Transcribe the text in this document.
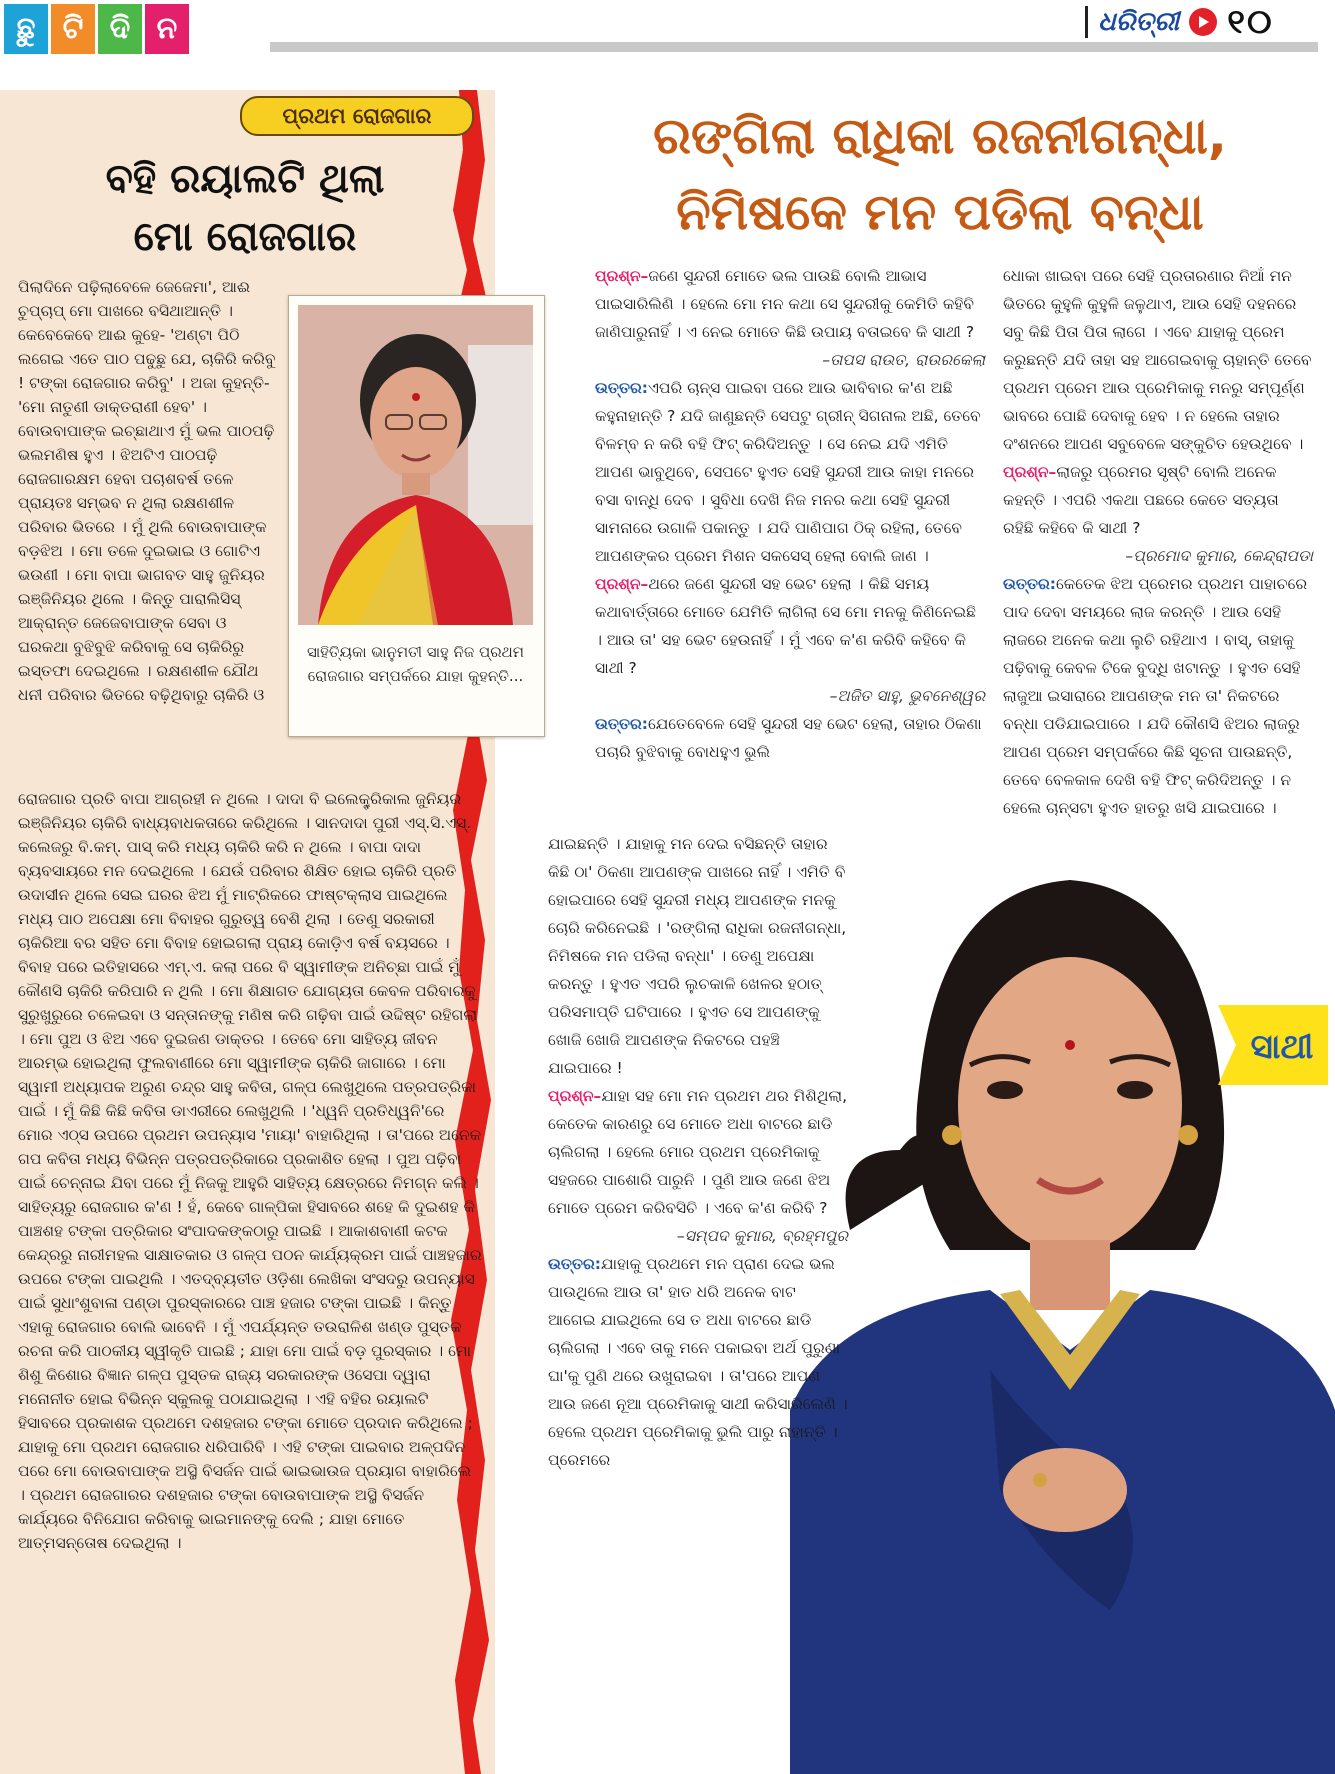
ଛୁ ଟି ଦି ନ	ଧରିତ୍ରୀ ୧୦
ପ୍ରଥମ ରୋଜଗାର
ବହି ରୟାଲଟି ଥିଲା
ମୋ ରୋଜଗାର
ପିଲାଦିନେ ପଢ଼ିଲାବେଳେ ଜେଜେମା', ଆଈ ଚୁପ୍‌ଚାପ୍ ମୋ ପାଖରେ ବସିଥାଆନ୍ତି । କେବେକେବେ ଆଈ କୁହେ- 'ଅଣ୍ଟା ପିଠି ଲଗେଇ ଏତେ ପାଠ ପଢୁଛୁ ଯେ, ଚାକିରି କରିବୁ ! ଟଙ୍କା ରୋଜଗାର କରିବୁ' । ଅଜା କୁହନ୍ତି- 'ମୋ ନାତୁଣୀ ଡାକ୍ତରାଣୀ ହେବ' । ବୋଉବାପାଙ୍କ ଇଚ୍ଛାଥାଏ ମୁଁ ଭଲ ପାଠପଢ଼ି ଭଲମଣିଷ ହୁଏ । ଝିଅଟିଏ ପାଠପଢ଼ି ରୋଜଗାରକ୍ଷମ ହେବା ପଚାଶବର୍ଷ ତଳେ ପ୍ରାୟତଃ ସମ୍ଭବ ନ ଥିଲା ରକ୍ଷଣଶୀଳ ପରିବାର ଭିତରେ । ମୁଁ ଥିଲି ବୋଉବାପାଙ୍କ ବଡ଼ଝିଅ । ମୋ ତଳେ ଦୁଇଭାଇ ଓ ଗୋଟିଏ ଭଉଣୀ । ମୋ ବାପା ଭାଗବତ ସାହୁ ଜୁନିୟର ଇଞ୍ଜିନିୟର ଥିଲେ । କିନ୍ତୁ ପାରାଲିସିସ୍ ଆକ୍ରାନ୍ତ ଜେଜେବାପାଙ୍କ ସେବା ଓ ଘରକଥା ବୁଝିବୁଝି କରିବାକୁ ସେ ଚାକିରିରୁ ଇସ୍ତଫା ଦେଇଥିଲେ । ରକ୍ଷଣଶୀଳ ଯୌଥ ଧନୀ ପରିବାର ଭିତରେ ବଢ଼ିଥିବାରୁ ଚାକିରି ଓ
ସାହିତ୍ୟିକା ଭାନୁମତୀ ସାହୁ ନିଜ ପ୍ରଥମ ରୋଜଗାର ସମ୍ପର୍କରେ ଯାହା କୁହନ୍ତି...
ରୋଜଗାର ପ୍ରତି ବାପା ଆଗ୍ରହୀ ନ ଥିଲେ । ଦାଦା ବି ଇଲେକ୍ଟ୍ରିକାଲ ଜୁନିୟର ଇଞ୍ଜିନିୟର ଚାକିରି ବାଧ୍ୟବାଧକତାରେ କରିଥିଲେ । ସାନଦାଦା ପୁରୀ ଏସ୍.ସି.ଏସ୍. କଲେଜରୁ ବି.କମ୍. ପାସ୍ କରି ମଧ୍ୟ ଚାକିରି କରି ନ ଥିଲେ । ବାପା ଦାଦା ବ୍ୟବସାୟରେ ମନ ଦେଇଥିଲେ । ଯେଉଁ ପରିବାର ଶିକ୍ଷିତ ହୋଇ ଚାକିରି ପ୍ରତି ଉଦାସୀନ ଥିଲେ ସେଇ ଘରର ଝିଅ ମୁଁ ମାଟ୍ରିକରେ ଫାଷ୍ଟକ୍ଲାସ ପାଇଥିଲେ ମଧ୍ୟ ପାଠ ଅପେକ୍ଷା ମୋ ବିବାହର ଗୁରୁତ୍ୱ ବେଶି ଥିଲା । ତେଣୁ ସରକାରୀ ଚାକିରିଆ ବର ସହିତ ମୋ ବିବାହ ହୋଇଗଲା ପ୍ରାୟ କୋଡ଼ିଏ ବର୍ଷ ବୟସରେ । ବିବାହ ପରେ ଇତିହାସରେ ଏମ୍.ଏ. କଲା ପରେ ବି ସ୍ୱାମୀଙ୍କ ଅନିଚ୍ଛା ପାଇଁ ମୁଁ କୌଣସି ଚାକିରି କରିପାରି ନ ଥିଲି । ମୋ ଶିକ୍ଷାଗତ ଯୋଗ୍ୟତା କେବଳ ପରିବାରକୁ ସୁରୁଖୁରୁରେ ଚଳେଇବା ଓ ସନ୍ତାନଙ୍କୁ ମଣିଷ କରି ଗଢ଼ିବା ପାଇଁ ଉଦ୍ଦିଷ୍ଟ ରହିଗଲା । ମୋ ପୁଅ ଓ ଝିଅ ଏବେ ଦୁଇଜଣ ଡାକ୍ତର । ତେବେ ମୋ ସାହିତ୍ୟ ଜୀବନ ଆରମ୍ଭ ହୋଇଥିଲା ଫୁଲବାଣୀରେ ମୋ ସ୍ୱାମୀଙ୍କ ଚାକିରି ଜାଗାରେ । ମୋ ସ୍ୱାମୀ ଅଧ୍ୟାପକ ଅରୁଣ ଚନ୍ଦ୍ର ସାହୁ କବିତା, ଗଳ୍ପ ଲେଖୁଥିଲେ ପତ୍ରପତ୍ରିକା ପାଇଁ । ମୁଁ କିଛି କିଛି କବିତା ଡାଏରୀରେ ଲେଖୁଥିଲି । 'ଧ୍ୱନି ପ୍ରତିଧ୍ୱନି'ରେ ମୋର ଏଠ୍ସ ଉପରେ ପ୍ରଥମ ଉପନ୍ୟାସ 'ମାୟା' ବାହାରିଥିଲା । ତା'ପରେ ଅନେକ ଗପ କବିତା ମଧ୍ୟ ବିଭିନ୍ନ ପତ୍ରପତ୍ରିକାରେ ପ୍ରକାଶିତ ହେଲା । ପୁଅ ପଢ଼ିବା ପାଇଁ ଚେନ୍ନାଇ ଯିବା ପରେ ମୁଁ ନିଜକୁ ଆହୁରି ସାହିତ୍ୟ କ୍ଷେତ୍ରରେ ନିମଗ୍ନ କଲି । ସାହିତ୍ୟରୁ ରୋଜଗାର କ'ଣ ! ହଁ, କେବେ ଗାଳ୍ପିକା ହିସାବରେ ଶହେ କି ଦୁଇଶହ କି ପାଞ୍ଚଶହ ଟଙ୍କା ପତ୍ରିକାର ସଂପାଦକଙ୍କଠାରୁ ପାଇଛି । ଆକାଶବାଣୀ କଟକ କେନ୍ଦ୍ରରୁ ନାରୀମହଲ ସାକ୍ଷାତକାର ଓ ଗଳ୍ପ ପଠନ କାର୍ଯ୍ୟକ୍ରମ ପାଇଁ ପାଞ୍ଚହଜାର ଉପରେ ଟଙ୍କା ପାଇଥିଲି । ଏତଦ୍‌ବ୍ୟତୀତ ଓଡ଼ିଶା ଲେଖିକା ସଂସଦରୁ ଉପନ୍ୟାସ ପାଇଁ ସୁଧାଂଶୁବାଳା ପଣ୍ଡା ପୁରସ୍କାରରେ ପାଞ୍ଚ ହଜାର ଟଙ୍କା ପାଇଛି । କିନ୍ତୁ ଏହାକୁ ରୋଜଗାର ବୋଲି ଭାବେନି । ମୁଁ ଏପର୍ଯ୍ୟନ୍ତ ତଉରାଳିଶ ଖଣ୍ଡ ପୁସ୍ତକ ରଚନା କରି ପାଠକୀୟ ସ୍ୱୀକୃତି ପାଇଛି ; ଯାହା ମୋ ପାଇଁ ବଡ଼ ପୁରସ୍କାର । ମୋ ଶିଶୁ କିଶୋର ବିଜ୍ଞାନ ଗଳ୍ପ ପୁସ୍ତକ ରାଜ୍ୟ ସରକାରଙ୍କ ଓସେପା ଦ୍ୱାରା ମନୋନୀତ ହୋଇ ବିଭିନ୍ନ ସ୍କୁଲକୁ ପଠାଯାଇଥିଲା । ଏହି ବହିର ରୟାଲଟି ହିସାବରେ ପ୍ରକାଶକ ପ୍ରଥମେ ଦଶହଜାର ଟଙ୍କା ମୋତେ ପ୍ରଦାନ କରିଥିଲେ ; ଯାହାକୁ ମୋ ପ୍ରଥମ ରୋଜଗାର ଧରିପାରିବି । ଏହି ଟଙ୍କା ପାଇବାର ଅଳ୍ପଦିନ ପରେ ମୋ ବୋଉବାପାଙ୍କ ଅସ୍ଥି ବିସର୍ଜନ ପାଇଁ ଭାଇଭାଉଜ ପ୍ରୟାଗ ବାହାରିଲେ । ପ୍ରଥମ ରୋଜଗାରର ଦଶହଜାର ଟଙ୍କା ବୋଉବାପାଙ୍କ ଅସ୍ଥି ବିସର୍ଜନ କାର୍ଯ୍ୟରେ ବିନିଯୋଗ କରିବାକୁ ଭାଇମାନଙ୍କୁ ଦେଲି ; ଯାହା ମୋତେ ଆତ୍ମସନ୍ତୋଷ ଦେଇଥିଲା ।
ରଙ୍ଗିଲା ରାଧିକା ରଜନୀଗନ୍ଧା,
ନିମିଷକେ ମନ ପଡିଲା ବନ୍ଧା

ପ୍ରଶ୍ନ–ଜଣେ ସୁନ୍ଦରୀ ମୋତେ ଭଲ ପାଉଛି ବୋଲି ଆଭାସ ପାଇସାରିଲିଣି । ହେଲେ ମୋ ମନ କଥା ସେ ସୁନ୍ଦରୀକୁ କେମିତି କହିବି ଜାଣିପାରୁନାହିଁ । ଏ ନେଇ ମୋତେ କିଛି ଉପାୟ ବତାଇବେ କି ସାଥୀ ?

–ତାପସ ରାଉତ, ରାଉରକେଲା

ଉତ୍ତର:ଏପରି ଚାନ୍ସ ପାଇବା ପରେ ଆଉ ଭାବିବାର କ'ଣ ଅଛି କହୁନାହାନ୍ତି ? ଯଦି ଜାଣୁଛନ୍ତି ସେପଟୁ ଗ୍ରୀନ୍ ସିଗନାଲ ଅଛି, ତେବେ ବିଳମ୍ବ ନ କରି ବହି ଫିଟ୍ କରିଦିଅନ୍ତୁ । ସେ ନେଇ ଯଦି ଏମିତି ଆପଣ ଭାବୁଥିବେ, ସେପଟେ ହୁଏତ ସେହି ସୁନ୍ଦରୀ ଆଉ କାହା ମନରେ ବସା ବାନ୍ଧି ଦେବ । ସୁବିଧା ଦେଖି ନିଜ ମନର କଥା ସେହି ସୁନ୍ଦରୀ ସାମନାରେ ଉଗାଳି ପକାନ୍ତୁ । ଯଦି ପାଣିପାଗ ଠିକ୍ ରହିଲା, ତେବେ ଆପଣଙ୍କର ପ୍ରେମ ମିଶନ ସକସେସ୍ ହେଲା ବୋଲି ଜାଣ ।

ପ୍ରଶ୍ନ–ଥରେ ଜଣେ ସୁନ୍ଦରୀ ସହ ଭେଟ ହେଲା । କିଛି ସମୟ କଥାବାର୍ତ୍ତାରେ ମୋତେ ଯେମିତି ଲାଗିଲା ସେ ମୋ ମନକୁ କିଣିନେଇଛି । ଆଉ ତା' ସହ ଭେଟ ହେଉନାହିଁ । ମୁଁ ଏବେ କ'ଣ କରିବି କହିବେ କି ସାଥୀ ?

–ଅଜିତ ସାହୁ, ଭୁବନେଶ୍ୱର

ଉତ୍ତର:ଯେତେବେଳେ ସେହି ସୁନ୍ଦରୀ ସହ ଭେଟ ହେଲା, ତାହାର ଠିକଣା ପଚାରି ବୁଝିବାକୁ ବୋଧହୁଏ ଭୁଲି

ଧୋକା ଖାଇବା ପରେ ସେହି ପ୍ରତାରଣାର ନିଆଁ ମନ ଭିତରେ କୁହୁଳି କୁହୁଳି ଜଳୁଥାଏ, ଆଉ ସେହି ଦହନରେ ସବୁ କିଛି ପିତା ପିତା ଲାଗେ । ଏବେ ଯାହାକୁ ପ୍ରେମ କରୁଛନ୍ତି ଯଦି ତାହା ସହ ଆଗେଇବାକୁ ଚାହାନ୍ତି ତେବେ ପ୍ରଥମ ପ୍ରେମ ଆଉ ପ୍ରେମିକାକୁ ମନରୁ ସମ୍ପୂର୍ଣ୍ଣ ଭାବରେ ପୋଛି ଦେବାକୁ ହେବ । ନ ହେଲେ ତାହାର ଦଂଶନରେ ଆପଣ ସବୁବେଳେ ସଙ୍କୁଚିତ ହେଉଥିବେ ।

ପ୍ରଶ୍ନ–ଲାଜରୁ ପ୍ରେମର ସୃଷ୍ଟି ବୋଲି ଅନେକ କହନ୍ତି । ଏପରି ଏକଥା ପଛରେ କେତେ ସତ୍ୟତା ରହିଛି କହିବେ କି ସାଥୀ ?

–ପ୍ରମୋଦ କୁମାର, କେନ୍ଦ୍ରାପଡା

ଉତ୍ତର:କେତେକ ଝିଅ ପ୍ରେମର ପ୍ରଥମ ପାହାଚରେ ପାଦ ଦେବା ସମୟରେ ଲାଜ କରନ୍ତି । ଆଉ ସେହି ଲାଜରେ ଅନେକ କଥା ଲୁଚି ରହିଥାଏ । ବାସ୍, ତାହାକୁ ପଢ଼ିବାକୁ କେବଳ ଟିକେ ବୁଦ୍ଧି ଖଟାନ୍ତୁ । ହୁଏତ ସେହି ଲାଜୁଆ ଇସାରାରେ ଆପଣଙ୍କ ମନ ତା' ନିକଟରେ ବନ୍ଧା ପଡିଯାଇପାରେ । ଯଦି କୌଣସି ଝିଅର ଲାଜରୁ ଆପଣ ପ୍ରେମ ସମ୍ପର୍କରେ କିଛି ସୂଚନା ପାଉଛନ୍ତି, ତେବେ ବେଳକାଳ ଦେଖି ବହି ଫିଟ୍ କରିଦିଅନ୍ତୁ । ନ ହେଲେ ଚାନ୍ସଟା ହୁଏତ ହାତରୁ ଖସି ଯାଇପାରେ ।

ଯାଇଛନ୍ତି । ଯାହାକୁ ମନ ଦେଇ ବସିଛନ୍ତି ତାହାର କିଛି ଠା' ଠିକଣା ଆପଣଙ୍କ ପାଖରେ ନାହିଁ । ଏମିତି ବି ହୋଇପାରେ ସେହି ସୁନ୍ଦରୀ ମଧ୍ୟ ଆପଣଙ୍କ ମନକୁ ଚୋରି କରିନେଇଛି । 'ରଙ୍ଗିଲା ରାଧିକା ରଜନୀଗନ୍ଧା, ନିମିଷକେ ମନ ପଡିଲା ବନ୍ଧା' । ତେଣୁ ଅପେକ୍ଷା କରନ୍ତୁ । ହୁଏତ ଏପରି ଲୁଚକାଳି ଖେଳର ହଠାତ୍ ପରିସମାପ୍ତି ଘଟିପାରେ । ହୁଏତ ସେ ଆପଣଙ୍କୁ ଖୋଜି ଖୋଜି ଆପଣଙ୍କ ନିକଟରେ ପହଞ୍ଚି ଯାଇପାରେ !

ପ୍ରଶ୍ନ–ଯାହା ସହ ମୋ ମନ ପ୍ରଥମ ଥର ମିଶିଥିଲା, କେତେକ କାରଣରୁ ସେ ମୋତେ ଅଧା ବାଟରେ ଛାଡି ଚାଲିଗଲା । ହେଲେ ମୋର ପ୍ରଥମ ପ୍ରେମିକାକୁ ସହଜରେ ପାଶୋରି ପାରୁନି । ପୁଣି ଆଉ ଜଣେ ଝିଅ ମୋତେ ପ୍ରେମ କରିବସିଚି । ଏବେ କ'ଣ କରିବି ?

–ସମ୍ପଦ କୁମାର, ବ୍ରହ୍ମପୁର

ଉତ୍ତର:ଯାହାକୁ ପ୍ରଥମେ ମନ ପ୍ରାଣ ଦେଇ ଭଲ ପାଉଥିଲେ ଆଉ ତା' ହାତ ଧରି ଅନେକ ବାଟ ଆଗେଇ ଯାଇଥିଲେ ସେ ତ ଅଧା ବାଟରେ ଛାଡି ଚାଲିଗଲା । ଏବେ ତାକୁ ମନେ ପକାଇବା ଅର୍ଥ ପୁରୁଣା ଘା'କୁ ପୁଣି ଥରେ ଉଖୁରାଇବା । ତା'ପରେ ଆପଣ ଆଉ ଜଣେ ନୂଆ ପ୍ରେମିକାକୁ ସାଥୀ କରିସାରିଲେଣି । ହେଲେ ପ୍ରଥମ ପ୍ରେମିକାକୁ ଭୁଲି ପାରୁ ନାହାନ୍ତି । ପ୍ରେମରେ

ସାଥୀ
